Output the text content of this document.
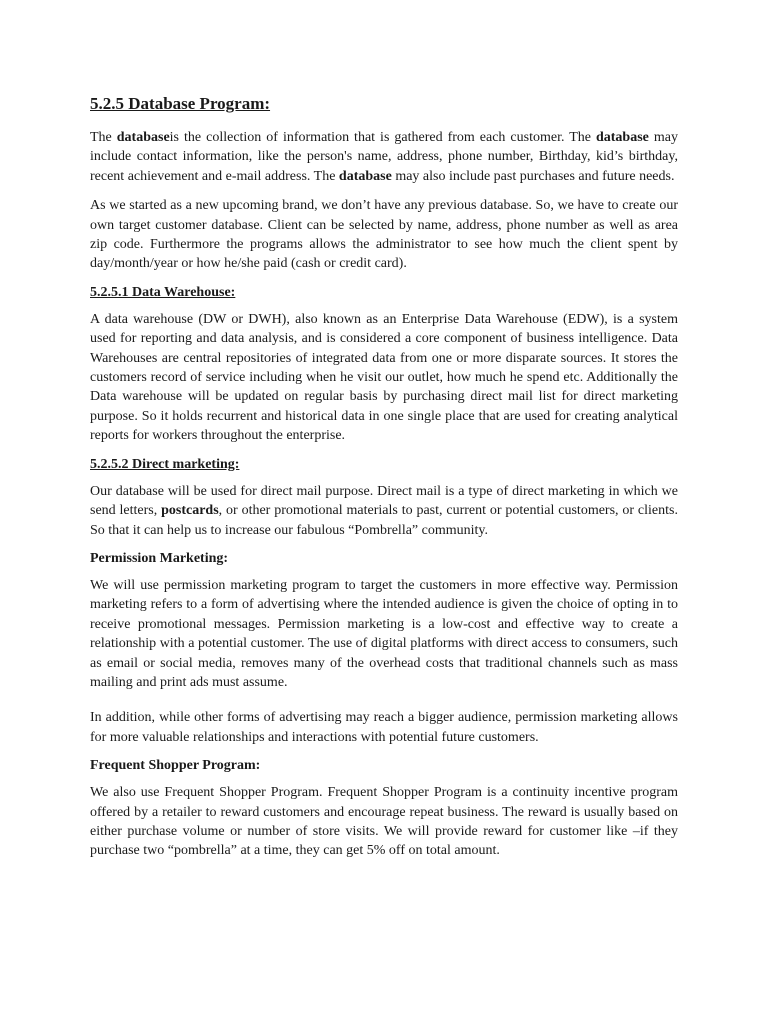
5.2.5 Database Program:

The databaseis the collection of information that is gathered from each customer. The database may include contact information, like the person's name, address, phone number, Birthday, kid’s birthday, recent achievement and e-mail address. The database may also include past purchases and future needs.

As we started as a new upcoming brand, we don’t have any previous database. So, we have to create our own target customer database. Client can be selected by name, address, phone number as well as area zip code. Furthermore the programs allows the administrator to see how much the client spent by day/month/year or how he/she paid (cash or credit card).

5.2.5.1 Data Warehouse:

A data warehouse (DW or DWH), also known as an Enterprise Data Warehouse (EDW), is a system used for reporting and data analysis, and is considered a core component of business intelligence. Data Warehouses are central repositories of integrated data from one or more disparate sources. It stores the customers record of service including when he visit our outlet, how much he spend etc. Additionally the Data warehouse will be updated on regular basis by purchasing direct mail list for direct marketing purpose. So it holds recurrent and historical data in one single place that are used for creating analytical reports for workers throughout the enterprise.

5.2.5.2 Direct marketing:

Our database will be used for direct mail purpose. Direct mail is a type of direct marketing in which we send letters, postcards, or other promotional materials to past, current or potential customers, or clients. So that it can help us to increase our fabulous “Pombrella” community.

Permission Marketing:

We will use permission marketing program to target the customers in more effective way. Permission marketing refers to a form of advertising where the intended audience is given the choice of opting in to receive promotional messages. Permission marketing is a low-cost and effective way to create a relationship with a potential customer. The use of digital platforms with direct access to consumers, such as email or social media, removes many of the overhead costs that traditional channels such as mass mailing and print ads must assume.

In addition, while other forms of advertising may reach a bigger audience, permission marketing allows for more valuable relationships and interactions with potential future customers.

Frequent Shopper Program:

We also use Frequent Shopper Program. Frequent Shopper Program is a continuity incentive program offered by a retailer to reward customers and encourage repeat business. The reward is usually based on either purchase volume or number of store visits. We will provide reward for customer like –if they purchase two “pombrella” at a time, they can get 5% off on total amount.
